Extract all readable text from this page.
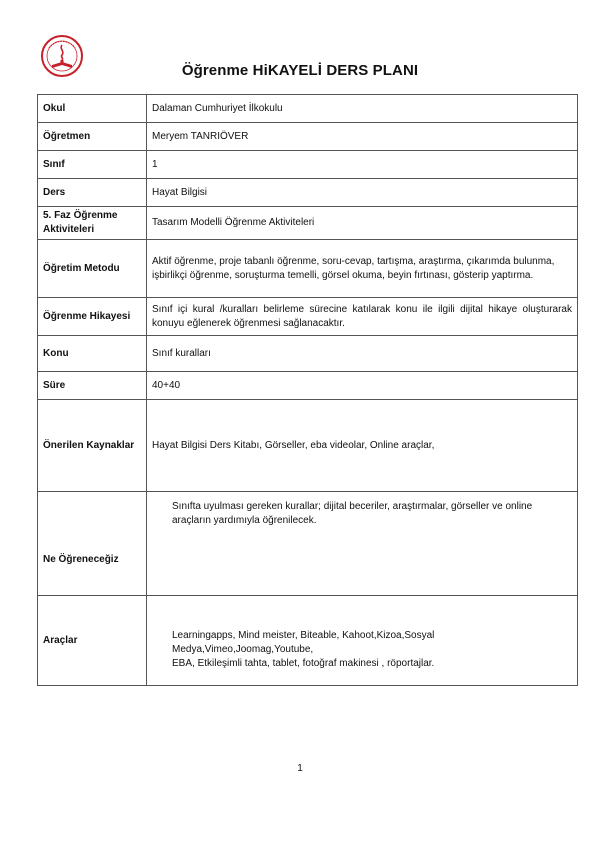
Öğrenme HiKAYELİ DERS PLANI
Okul	Dalaman Cumhuriyet İlkokulu
Öğretmen	Meryem TANRIÖVER
Sınıf	1
Ders	Hayat Bilgisi
5. Faz Öğrenme Aktiviteleri	Tasarım Modelli Öğrenme Aktiviteleri
Öğretim Metodu	Aktif öğrenme, proje tabanlı öğrenme, soru-cevap, tartışma, araştırma, çıkarımda bulunma, işbirlikçi öğrenme, soruşturma temelli, görsel okuma, beyin fırtınası, gösterip yaptırma.
Öğrenme Hikayesi	Sınıf içi kural /kuralları belirleme sürecine katılarak konu ile ilgili dijital hikaye oluşturarak konuyu eğlenerek öğrenmesi sağlanacaktır.
Konu	Sınıf kuralları
Süre	40+40
Önerilen Kaynaklar	Hayat Bilgisi Ders Kitabı, Görseller, eba videolar, Online araçlar,
Ne Öğreneceğiz	Sınıfta uyulması gereken kurallar; dijital beceriler, araştırmalar, görseller ve online araçların yardımıyla öğrenilecek.
Araçlar	Learningapps, Mind meister, Biteable, Kahoot,Kizoa,Sosyal
Medya,Vimeo,Joomag,Youtube,
EBA, Etkileşimli tahta, tablet, fotoğraf makinesi , röportajlar.
1
